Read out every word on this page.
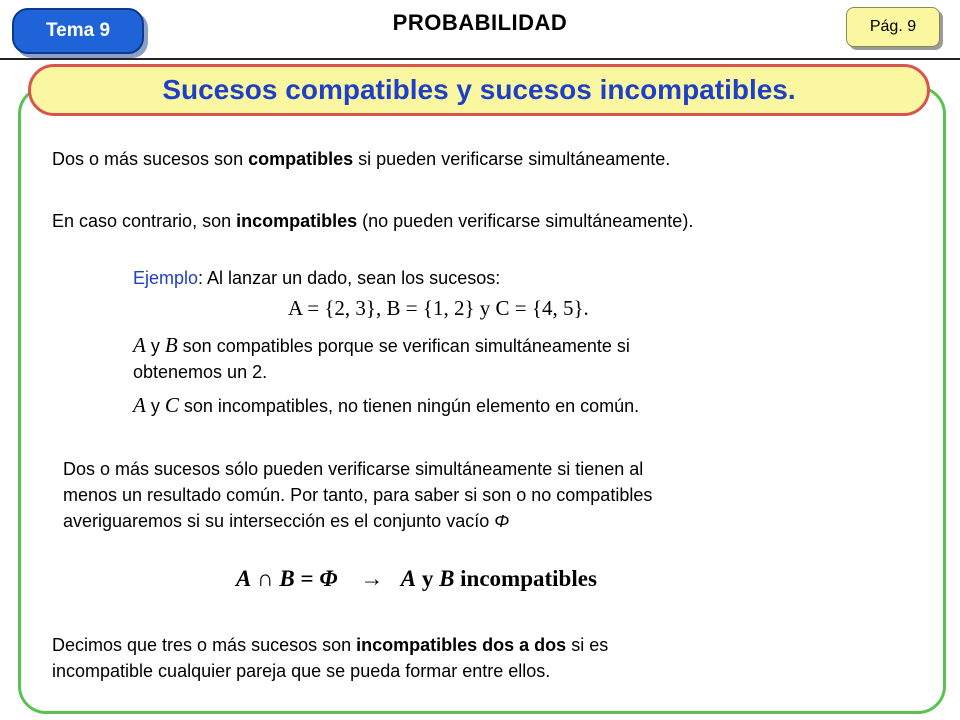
Tema 9	PROBABILIDAD	Pág. 9
Sucesos compatibles y sucesos incompatibles.
Dos o más sucesos son compatibles si pueden verificarse simultáneamente.
En caso contrario, son incompatibles (no pueden verificarse simultáneamente).
Ejemplo: Al lanzar un dado, sean los sucesos:
A = {2, 3}, B = {1, 2} y C = {4, 5}.
A y B son compatibles porque se verifican simultáneamente si
obtenemos un 2.
A y C son incompatibles, no tienen ningún elemento en común.
Dos o más sucesos sólo pueden verificarse simultáneamente si tienen al
menos un resultado común. Por tanto, para saber si son o no compatibles
averiguaremos si su intersección es el conjunto vacío Φ
A ∩ B = Φ → A y B incompatibles
Decimos que tres o más sucesos son incompatibles dos a dos si es
incompatible cualquier pareja que se pueda formar entre ellos.
